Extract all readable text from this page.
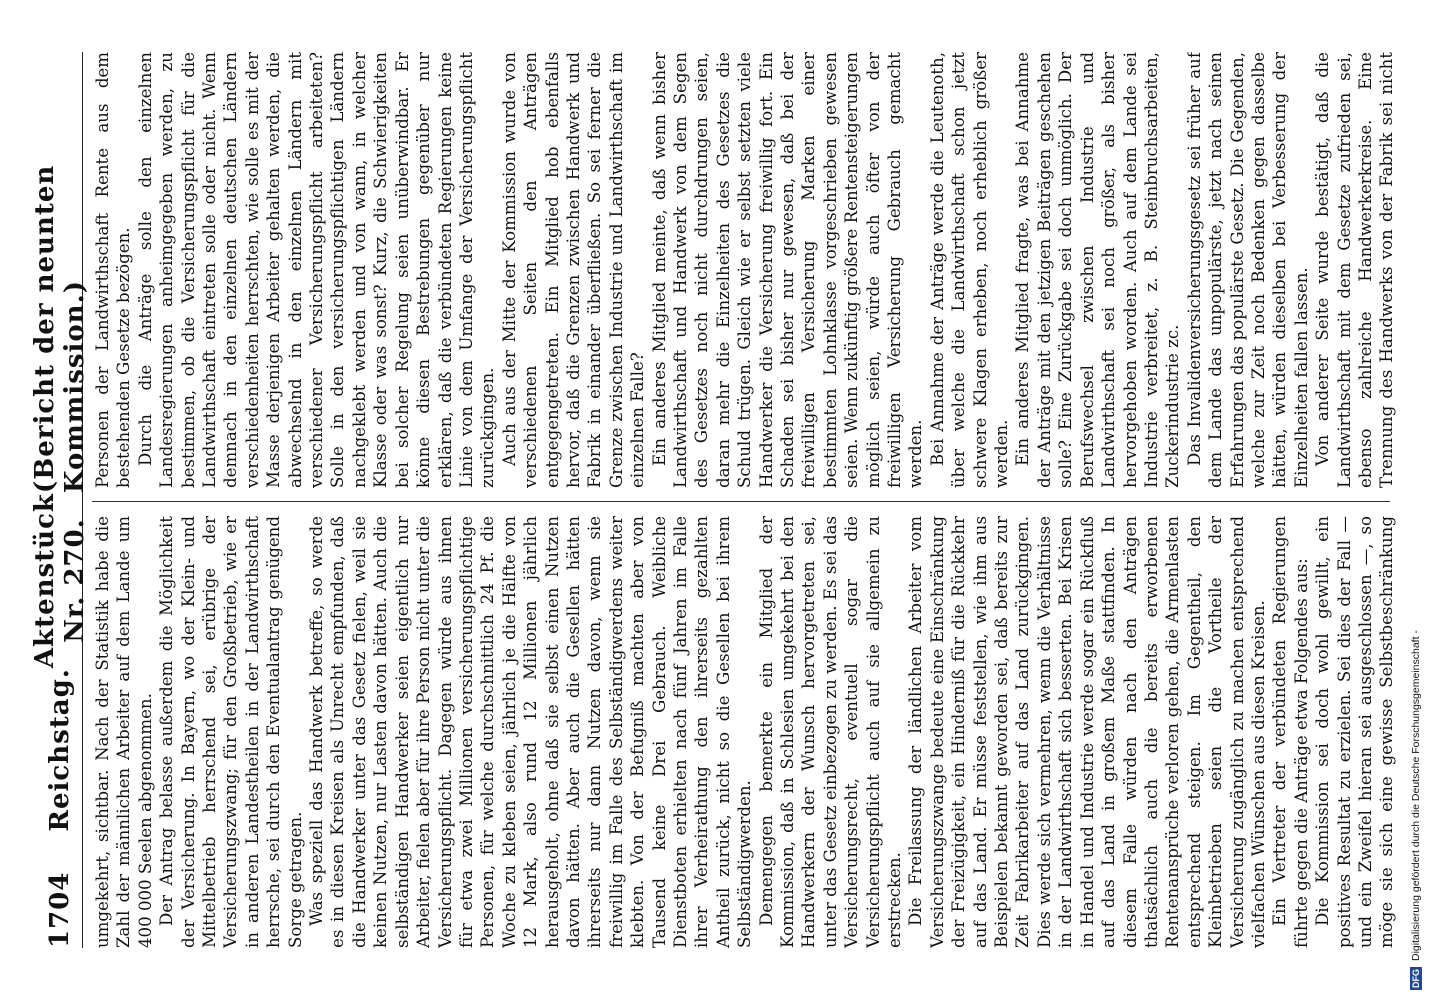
1704
Reichstag.
Aktenstück Nr. 270.
(Bericht der neunten Kommission.)

umgekehrt, sichtbar. Nach der Statistik habe die Zahl der männlichen Arbeiter auf dem Lande um 400 000 Seelen abgenommen. Der Antrag belasse außerdem die Möglichkeit der Versicherung. In Bayern, wo der Klein- und Mittelbetrieb herrschend sei, erübrige der Versicherungszwang; für den Großbetrieb, wie er in anderen Landestheilen in der Landwirthschaft herrsche, sei durch den Eventualantrag genügend Sorge getragen. Was speziell das Handwerk betreffe, so werde es in diesen Kreisen als Unrecht empfunden, daß die Handwerker unter das Gesetz fielen, weil sie keinen Nutzen, nur Lasten davon hätten. Auch die selbständigen Handwerker seien eigentlich nur Arbeiter, fielen aber für ihre Person nicht unter die Versicherungspflicht. Dagegen würde aus ihnen für etwa zwei Millionen versicherungspflichtige Personen, für welche durchschnittlich 24 Pf. die Woche zu kleben seien, jährlich je die Hälfte von 12 Mark, also rund 12 Millionen jährlich herausgeholt, ohne daß sie selbst einen Nutzen davon hätten. Aber auch die Gesellen hätten ihrerseits nur dann Nutzen davon, wenn sie freiwillig im Falle des Selbständigwerdens weiter klebten. Von der Befugniß machten aber von Tausend keine Drei Gebrauch. Weibliche Dienstboten erhielten nach fünf Jahren im Falle ihrer Verheirathung den ihrerseits gezahlten Antheil zurück, nicht so die Gesellen bei ihrem Selbständigwerden. Demengegen bemerkte ein Mitglied der Kommission, daß in Schlesien umgekehrt bei den Handwerkern der Wunsch hervorgetreten sei, unter das Gesetz einbezogen zu werden. Es sei das Versicherungsrecht, eventuell sogar die Versicherungspflicht auch auf sie allgemein zu erstrecken. Die Freilassung der ländlichen Arbeiter vom Versicherungszwange bedeute eine Einschränkung der Freizügigkeit, ein Hinderniß für die Rückkehr auf das Land. Er müsse feststellen, wie ihm aus Beispielen bekannt geworden sei, daß bereits zur Zeit Fabrikarbeiter auf das Land zurückgingen. Dies werde sich vermehren, wenn die Verhältnisse in der Landwirthschaft sich besserten. Bei Krisen in Handel und Industrie werde sogar ein Rückfluß auf das Land in großem Maße stattfinden. In diesem Falle würden nach den Anträgen thatsächlich auch die bereits erworbenen Rentenansprüche verloren gehen, die Armenlasten entsprechend steigen. Im Gegentheil, den Kleinbetrieben seien die Vortheile der Versicherung zugänglich zu machen entsprechend vielfachen Wünschen aus diesen Kreisen. Ein Vertreter der verbündeten Regierungen führte gegen die Anträge etwa Folgendes aus: Die Kommission sei doch wohl gewillt, ein positives Resultat zu erzielen. Sei dies der Fall — und ein Zweifel hieran sei ausgeschlossen —, so möge sie sich eine gewisse Selbstbeschränkung

Personen der Landwirthschaft Rente aus dem bestehenden Gesetze bezögen. Durch die Anträge solle den einzelnen Landesregierungen anheimgegeben werden, zu bestimmen, ob die Versicherungspflicht für die Landwirthschaft eintreten solle oder nicht. Wenn demnach in den einzelnen deutschen Ländern verschiedenheiten herrschten, wie solle es mit der Masse derjenigen Arbeiter gehalten werden, die abwechselnd in den einzelnen Ländern mit verschiedener Versicherungspflicht arbeiteten? Solle in den versicherungspflichtigen Ländern nachgeklebt werden und von wann, in welcher Klasse oder was sonst? Kurz, die Schwierigkeiten bei solcher Regelung seien unüberwindbar. Er könne diesen Bestrebungen gegenüber nur erklären, daß die verbündeten Regierungen keine Linie von dem Umfange der Versicherungspflicht zurückgingen. Auch aus der Mitte der Kommission wurde von verschiedenen Seiten den Anträgen entgegengetreten. Ein Mitglied hob ebenfalls hervor, daß die Grenzen zwischen Handwerk und Fabrik in einander überfließen. So sei ferner die Grenze zwischen Industrie und Landwirthschaft im einzelnen Falle? Ein anderes Mitglied meinte, daß wenn bisher Landwirthschaft und Handwerk von dem Segen des Gesetzes noch nicht durchdrungen seien, daran mehr die Einzelheiten des Gesetzes die Schuld trügen. Gleich wie er selbst setzten viele Handwerker die Versicherung freiwillig fort. Ein Schaden sei bisher nur gewesen, daß bei der freiwilligen Versicherung Marken einer bestimmten Lohnklasse vorgeschrieben gewesen seien. Wenn zukünftig größere Rentensteigerungen möglich seien, würde auch öfter von der freiwilligen Versicherung Gebrauch gemacht werden. Bei Annahme der Anträge werde die Leutenoth, über welche die Landwirthschaft schon jetzt schwere Klagen erheben, noch erheblich größer werden. Ein anderes Mitglied fragte, was bei Annahme der Anträge mit den jetzigen Beiträgen geschehen solle? Eine Zurückgabe sei doch unmöglich. Der Berufswechsel zwischen Industrie und Landwirthschaft sei noch größer, als bisher hervorgehoben worden. Auch auf dem Lande sei Industrie verbreitet, z. B. Steinbruchsarbeiten, Zuckerindustrie zc. Das Invalidenversicherungsgesetz sei früher auf dem Lande das unpopulärste, jetzt nach seinen Erfahrungen das populärste Gesetz. Die Gegenden, welche zur Zeit noch Bedenken gegen dasselbe hätten, würden dieselben bei Verbesserung der Einzelheiten fallen lassen. Von anderer Seite wurde bestätigt, daß die Landwirthschaft mit dem Gesetze zufrieden sei, ebenso zahlreiche Handwerkerkreise. Eine Trennung des Handwerks von der Fabrik sei nicht

DFG
Digitalisierung gefördert durch die Deutsche Forschungsgemeinschaft -
